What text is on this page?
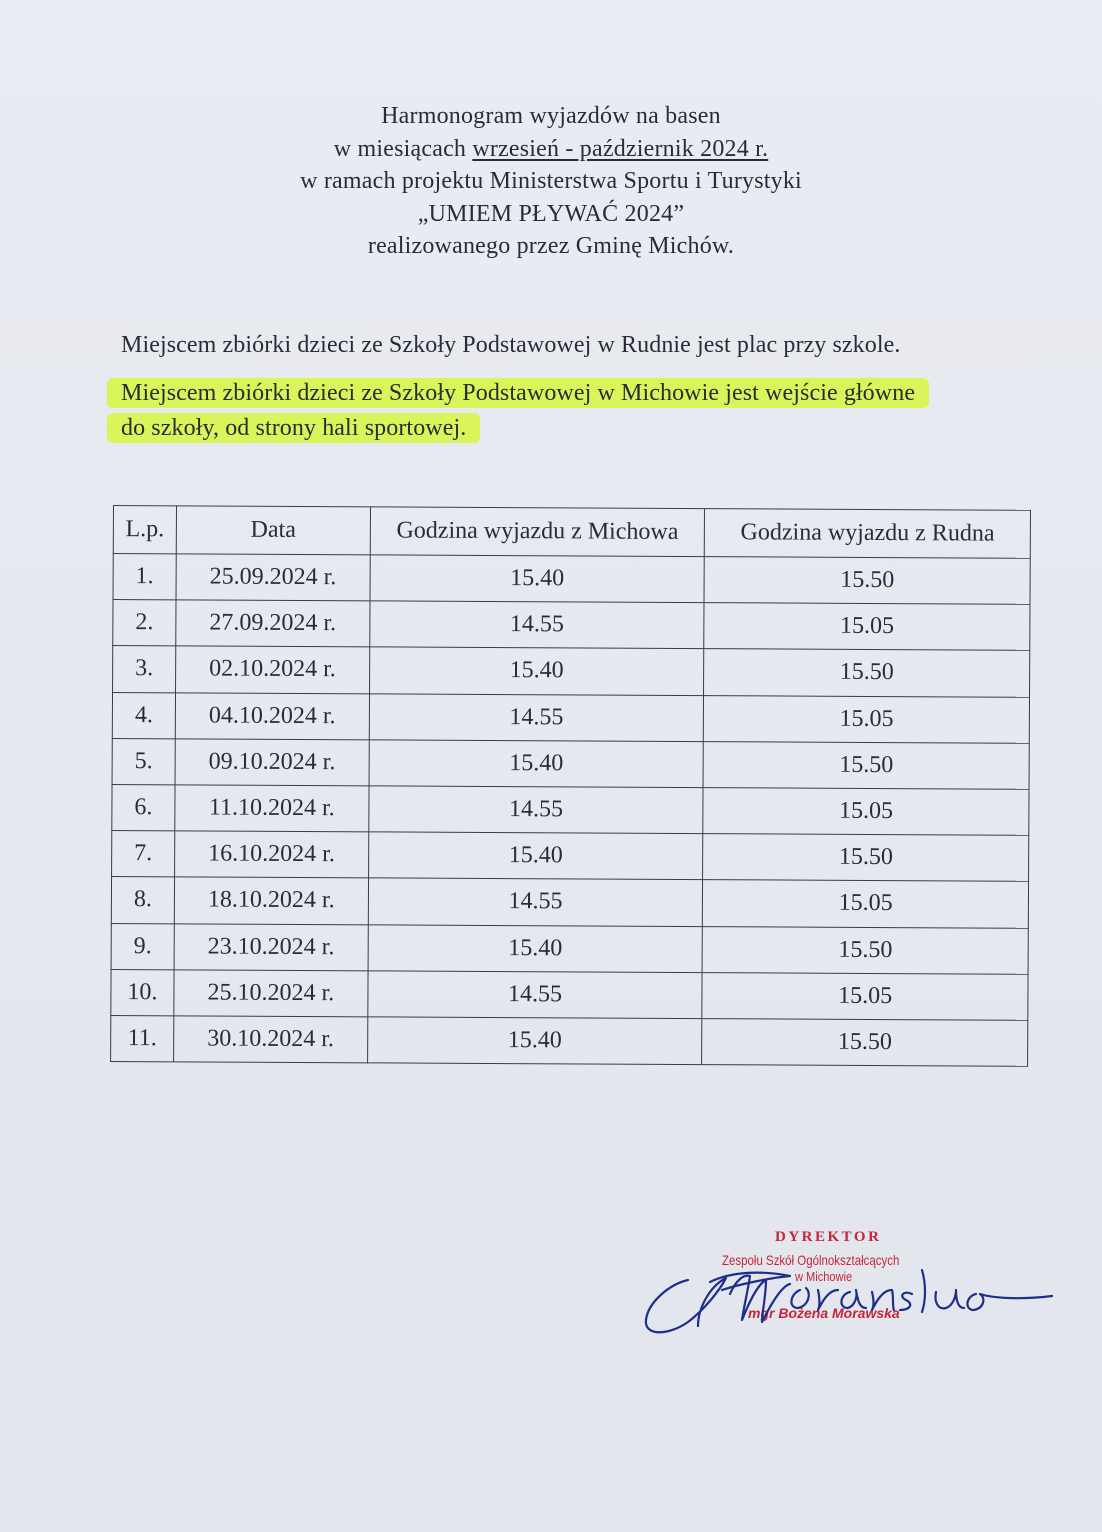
Harmonogram wyjazdów na basen
w miesiącach wrzesień - październik 2024 r.
w ramach projektu Ministerstwa Sportu i Turystyki
„UMIEM PŁYWAĆ 2024”
realizowanego przez Gminę Michów.
Miejscem zbiórki dzieci ze Szkoły Podstawowej w Rudnie jest plac przy szkole.
Miejscem zbiórki dzieci ze Szkoły Podstawowej w Michowie jest wejście główne
do szkoły, od strony hali sportowej.
L.p.	Data	Godzina wyjazdu z Michowa	Godzina wyjazdu z Rudna
1.	25.09.2024 r.	15.40	15.50
2.	27.09.2024 r.	14.55	15.05
3.	02.10.2024 r.	15.40	15.50
4.	04.10.2024 r.	14.55	15.05
5.	09.10.2024 r.	15.40	15.50
6.	11.10.2024 r.	14.55	15.05
7.	16.10.2024 r.	15.40	15.50
8.	18.10.2024 r.	14.55	15.05
9.	23.10.2024 r.	15.40	15.50
10.	25.10.2024 r.	14.55	15.05
11.	30.10.2024 r.	15.40	15.50
DYREKTOR
Zespołu Szkół Ogólnokształcących
w Michowie
mgr Bożena Morawska
